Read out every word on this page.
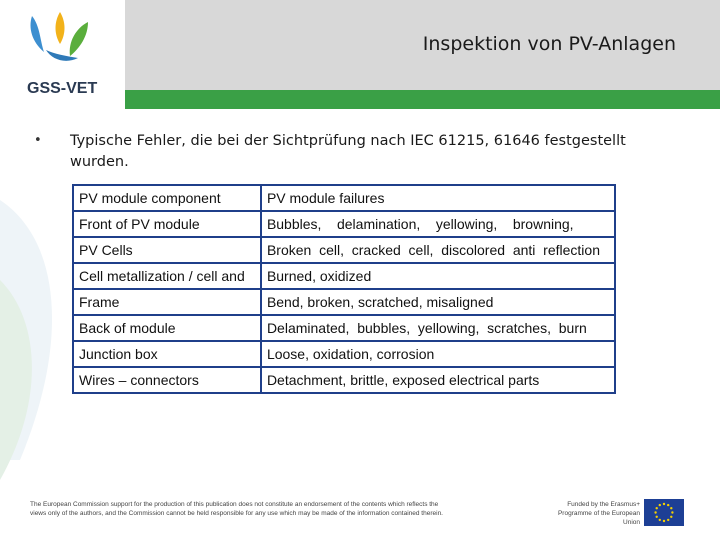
Inspektion von PV-Anlagen
GSS-VET
• Typische Fehler, die bei der Sichtprüfung nach IEC 61215, 61646 festgestellt wurden.
PV module component	PV module failures
Front of PV module	Bubbles,    delamination,    yellowing,    browning,
PV Cells	Broken  cell,  cracked  cell,  discolored  anti  reflection
Cell metallization / cell and	Burned, oxidized
Frame	Bend, broken, scratched, misaligned
Back of module	Delaminated,  bubbles,  yellowing,  scratches,  burn
Junction box	Loose, oxidation, corrosion
Wires – connectors	Detachment, brittle, exposed electrical parts
The European Commission support for the production of this publication does not constitute an endorsement of the contents which reflects the views only of the authors, and the Commission cannot be held responsible for any use which may be made of the information contained therein.
Funded by the Erasmus+ Programme of the European Union
